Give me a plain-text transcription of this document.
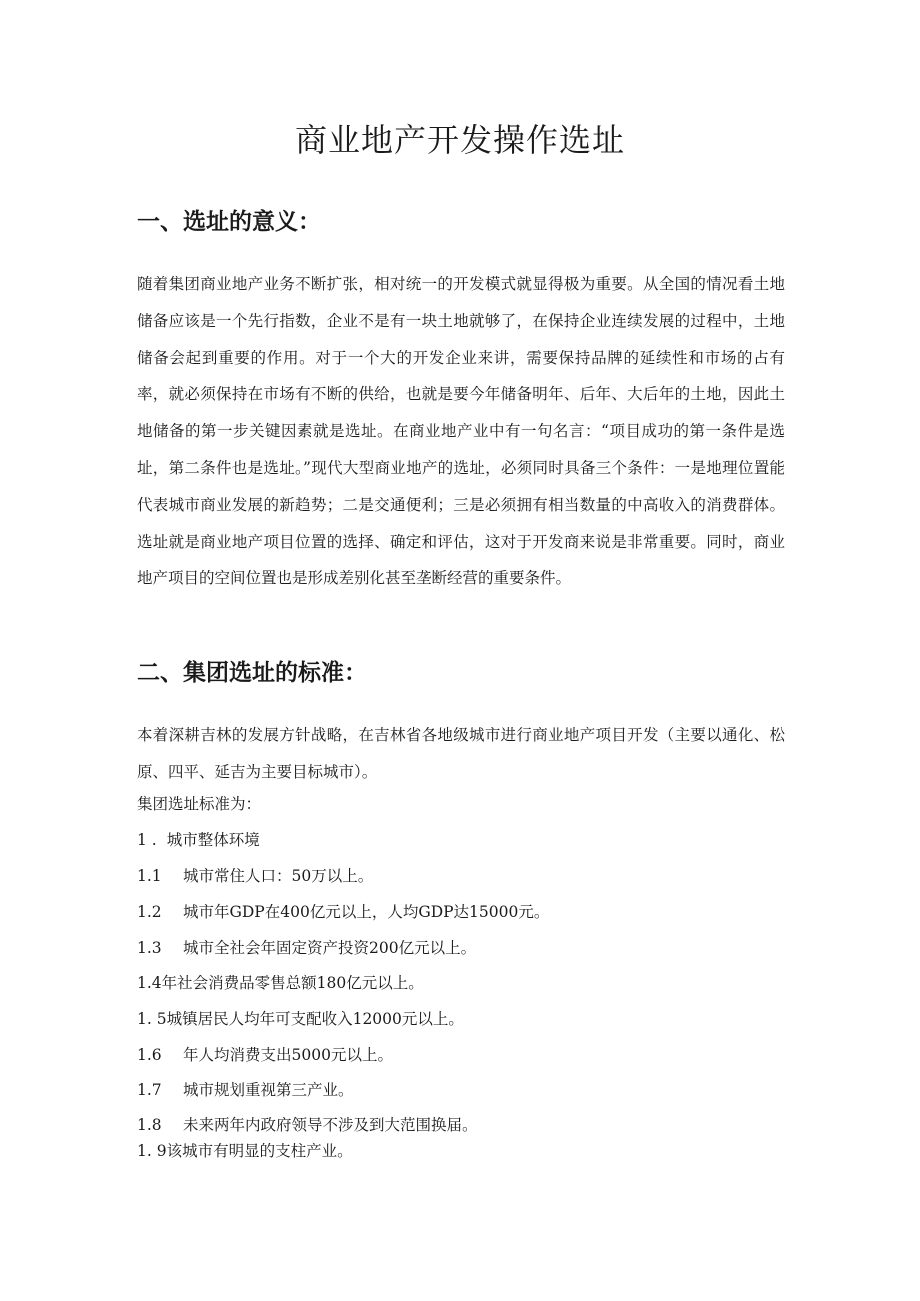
商业地产开发操作选址
一、选址的意义：

随着集团商业地产业务不断扩张，相对统一的开发模式就显得极为重要。从全国的情况看土地储备应该是一个先行指数，企业不是有一块土地就够了，在保持企业连续发展的过程中，土地储备会起到重要的作用。对于一个大的开发企业来讲，需要保持品牌的延续性和市场的占有率，就必须保持在市场有不断的供给，也就是要今年储备明年、后年、大后年的土地，因此土地储备的第一步关键因素就是选址。在商业地产业中有一句名言：“项目成功的第一条件是选址，第二条件也是选址。”现代大型商业地产的选址，必须同时具备三个条件：一是地理位置能代表城市商业发展的新趋势；二是交通便利；三是必须拥有相当数量的中高收入的消费群体。选址就是商业地产项目位置的选择、确定和评估，这对于开发商来说是非常重要。同时，商业地产项目的空间位置也是形成差别化甚至垄断经营的重要条件。

二、集团选址的标准：

本着深耕吉林的发展方针战略，在吉林省各地级城市进行商业地产项目开发（主要以通化、松原、四平、延吉为主要目标城市）。

集团选址标准为：

1 . 城市整体环境

1.1 城市常住人口：50万以上。

1.2 城市年GDP在400亿元以上，人均GDP达15000元。

1.3 城市全社会年固定资产投资200亿元以上。

1.4年社会消费品零售总额180亿元以上。

1. 5城镇居民人均年可支配收入12000元以上。

1.6 年人均消费支出5000元以上。

1.7 城市规划重视第三产业。

1.8 未来两年内政府领导不涉及到大范围换届。

1. 9该城市有明显的支柱产业。
